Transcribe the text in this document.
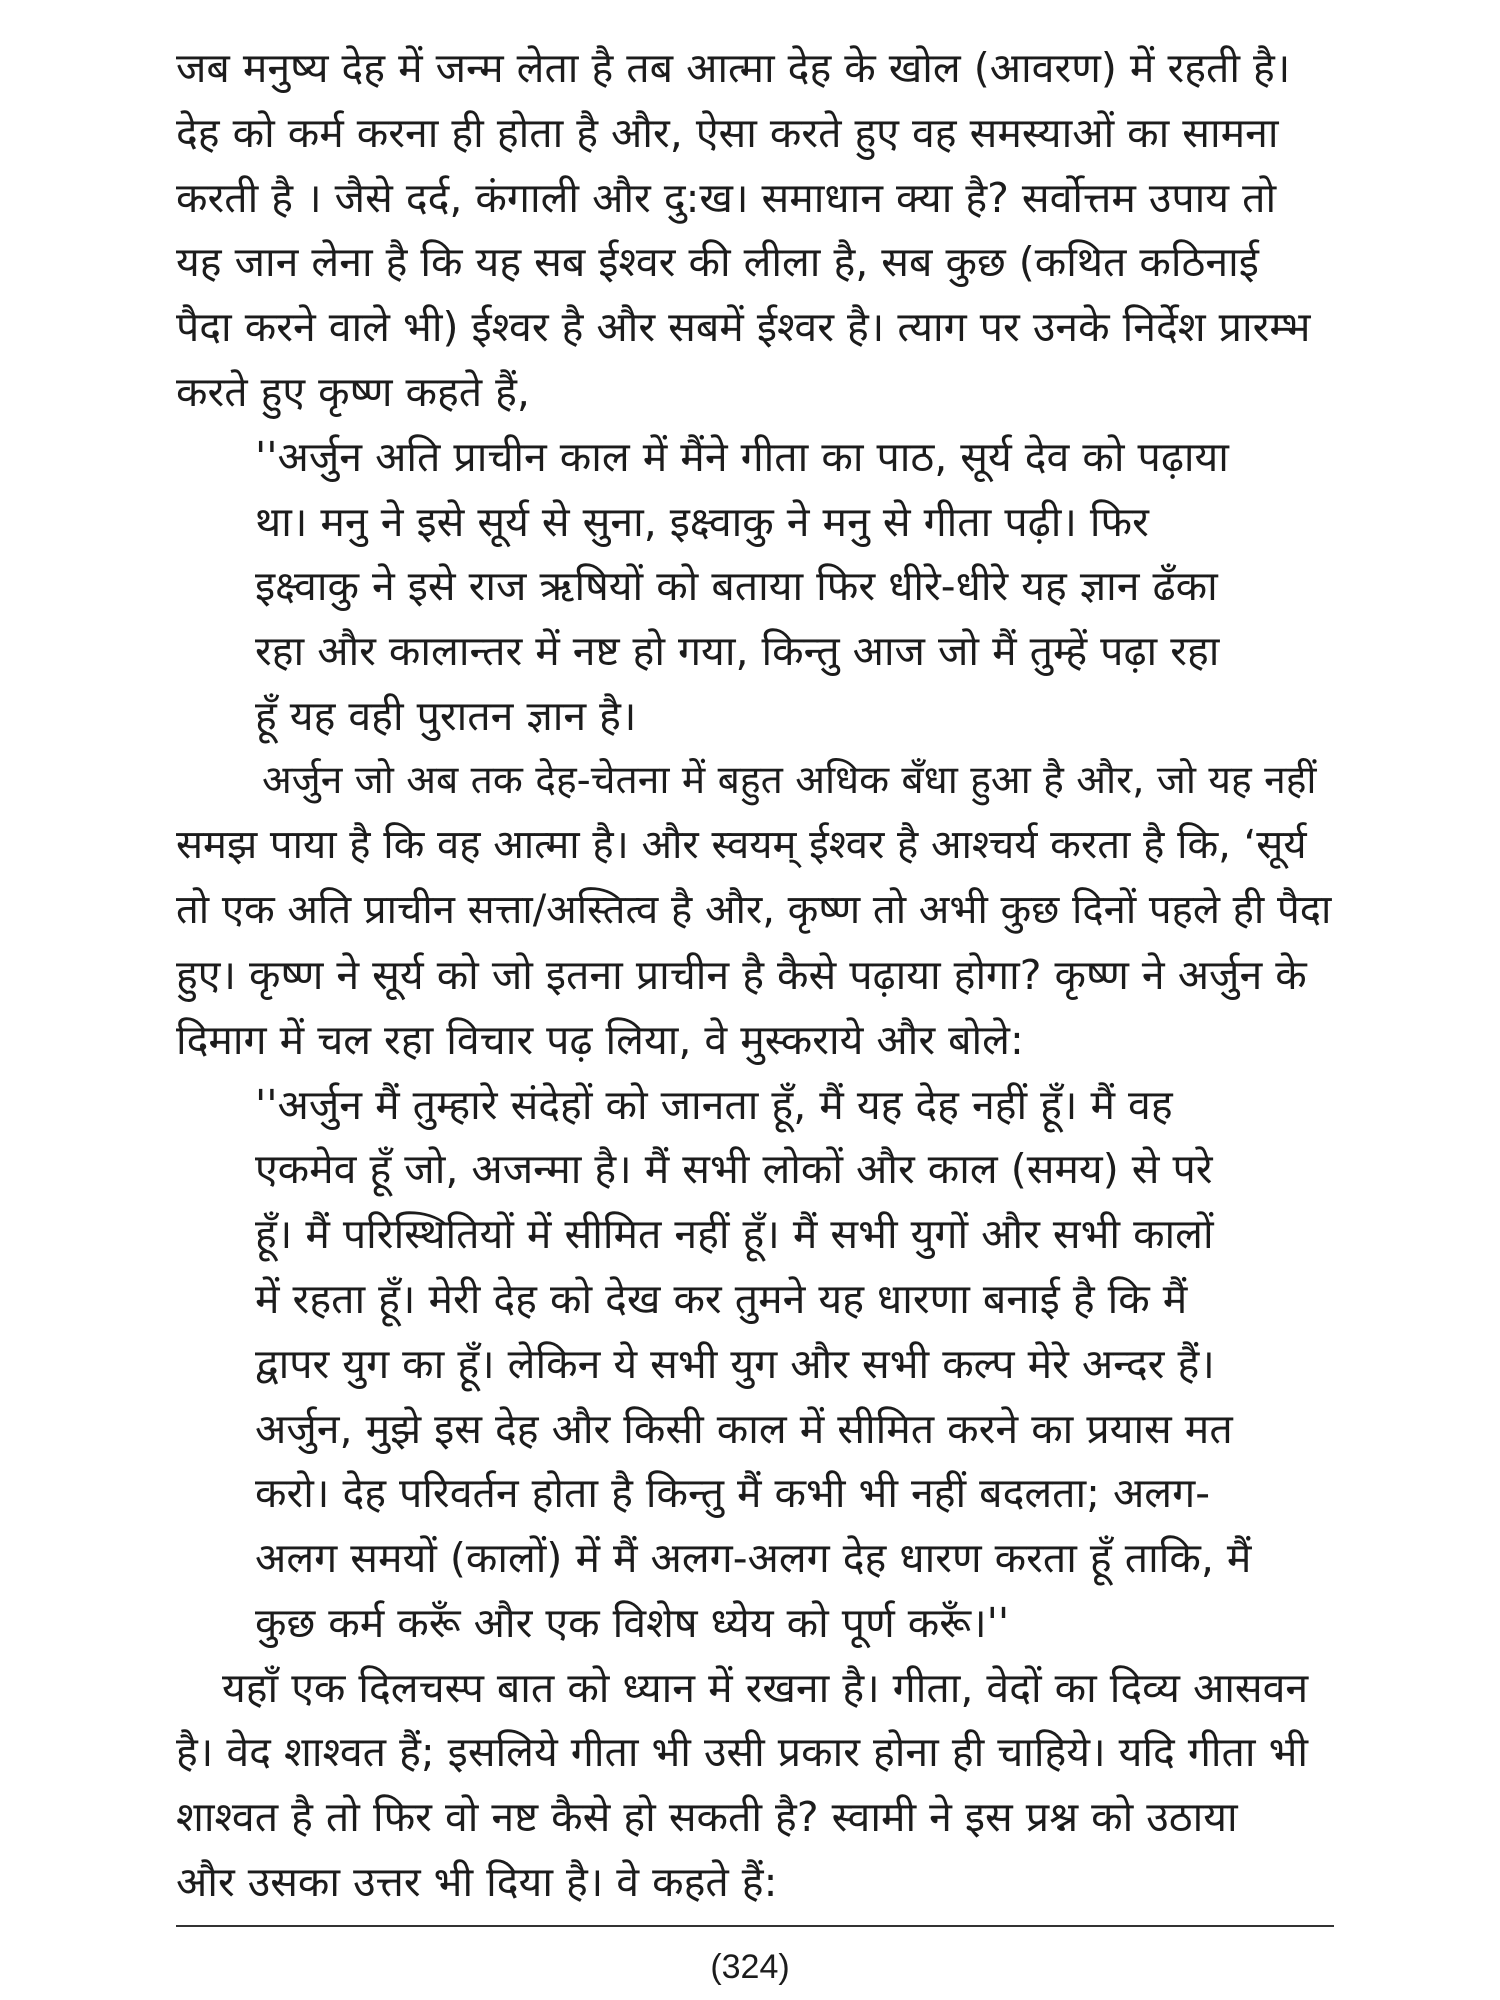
जब मनुष्य देह में जन्म लेता है तब आत्मा देह के खोल (आवरण) में रहती है।
देह को कर्म करना ही होता है और, ऐसा करते हुए वह समस्याओं का सामना
करती है । जैसे दर्द, कंगाली और दु:ख। समाधान क्या है? सर्वोत्तम उपाय तो
यह जान लेना है कि यह सब ईश्वर की लीला है, सब कुछ (कथित कठिनाई
पैदा करने वाले भी) ईश्वर है और सबमें ईश्वर है। त्याग पर उनके निर्देश प्रारम्भ
करते हुए कृष्ण कहते हैं,
''अर्जुन अति प्राचीन काल में मैंने गीता का पाठ, सूर्य देव को पढ़ाया
था। मनु ने इसे सूर्य से सुना, इक्ष्वाकु ने मनु से गीता पढ़ी। फिर
इक्ष्वाकु ने इसे राज ऋषियों को बताया फिर धीरे-धीरे यह ज्ञान ढँका
रहा और कालान्तर में नष्ट हो गया, किन्तु आज जो मैं तुम्हें पढ़ा रहा
हूँ यह वही पुरातन ज्ञान है।
अर्जुन जो अब तक देह-चेतना में बहुत अधिक बँधा हुआ है और, जो यह नहीं
समझ पाया है कि वह आत्मा है। और स्वयम् ईश्वर है आश्चर्य करता है कि, ‘सूर्य
तो एक अति प्राचीन सत्ता/अस्तित्व है और, कृष्ण तो अभी कुछ दिनों पहले ही पैदा
हुए। कृष्ण ने सूर्य को जो इतना प्राचीन है कैसे पढ़ाया होगा? कृष्ण ने अर्जुन के
दिमाग में चल रहा विचार पढ़ लिया, वे मुस्कराये और बोले:
''अर्जुन मैं तुम्हारे संदेहों को जानता हूँ, मैं यह देह नहीं हूँ। मैं वह
एकमेव हूँ जो, अजन्मा है। मैं सभी लोकों और काल (समय) से परे
हूँ। मैं परिस्थितियों में सीमित नहीं हूँ। मैं सभी युगों और सभी कालों
में रहता हूँ। मेरी देह को देख कर तुमने यह धारणा बनाई है कि मैं
द्वापर युग का हूँ। लेकिन ये सभी युग और सभी कल्प मेरे अन्दर हैं।
अर्जुन, मुझे इस देह और किसी काल में सीमित करने का प्रयास मत
करो। देह परिवर्तन होता है किन्तु मैं कभी भी नहीं बदलता; अलग-
अलग समयों (कालों) में मैं अलग-अलग देह धारण करता हूँ ताकि, मैं
कुछ कर्म करूँ और एक विशेष ध्येय को पूर्ण करूँ।''
यहाँ एक दिलचस्प बात को ध्यान में रखना है। गीता, वेदों का दिव्य आसवन
है। वेद शाश्वत हैं; इसलिये गीता भी उसी प्रकार होना ही चाहिये। यदि गीता भी
शाश्वत है तो फिर वो नष्ट कैसे हो सकती है? स्वामी ने इस प्रश्न को उठाया
और उसका उत्तर भी दिया है। वे कहते हैं:
(324)
